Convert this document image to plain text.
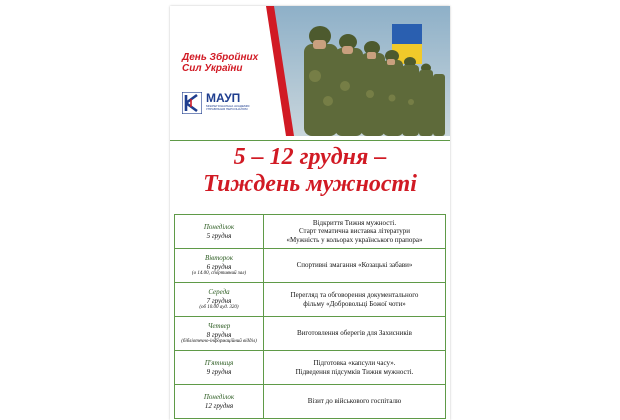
День Збройних
Сил України
МАУП
МІЖРЕГІОНАЛЬНА АКАДЕМІЯ УПРАВЛІННЯ ПЕРСОНАЛОМ
5 – 12 грудня –
Тиждень мужності
Понеділок
5 грудня	Відкриття Тижня мужності.
Старт тематична виставка літератури
«Мужність у кольорах українського прапора»

Вівторок
6 грудня
(о 14.00, спортивний зал)	Спортивні змагання «Козацькі забави»

Середа
7 грудня
(об 10.00 ауд. 320)	Перегляд та обговорення документального
фільму «Добровольці Божої чоти»

Четвер
8 грудня
(бібліотечно-інформаційний відділ)	Виготовлення оберегів для Захисників

П'ятниця
9 грудня	Підготовка «капсули часу».
Підведення підсумків Тижня мужності.

Понеділок
12 грудня	Візит до військового госпіталю
